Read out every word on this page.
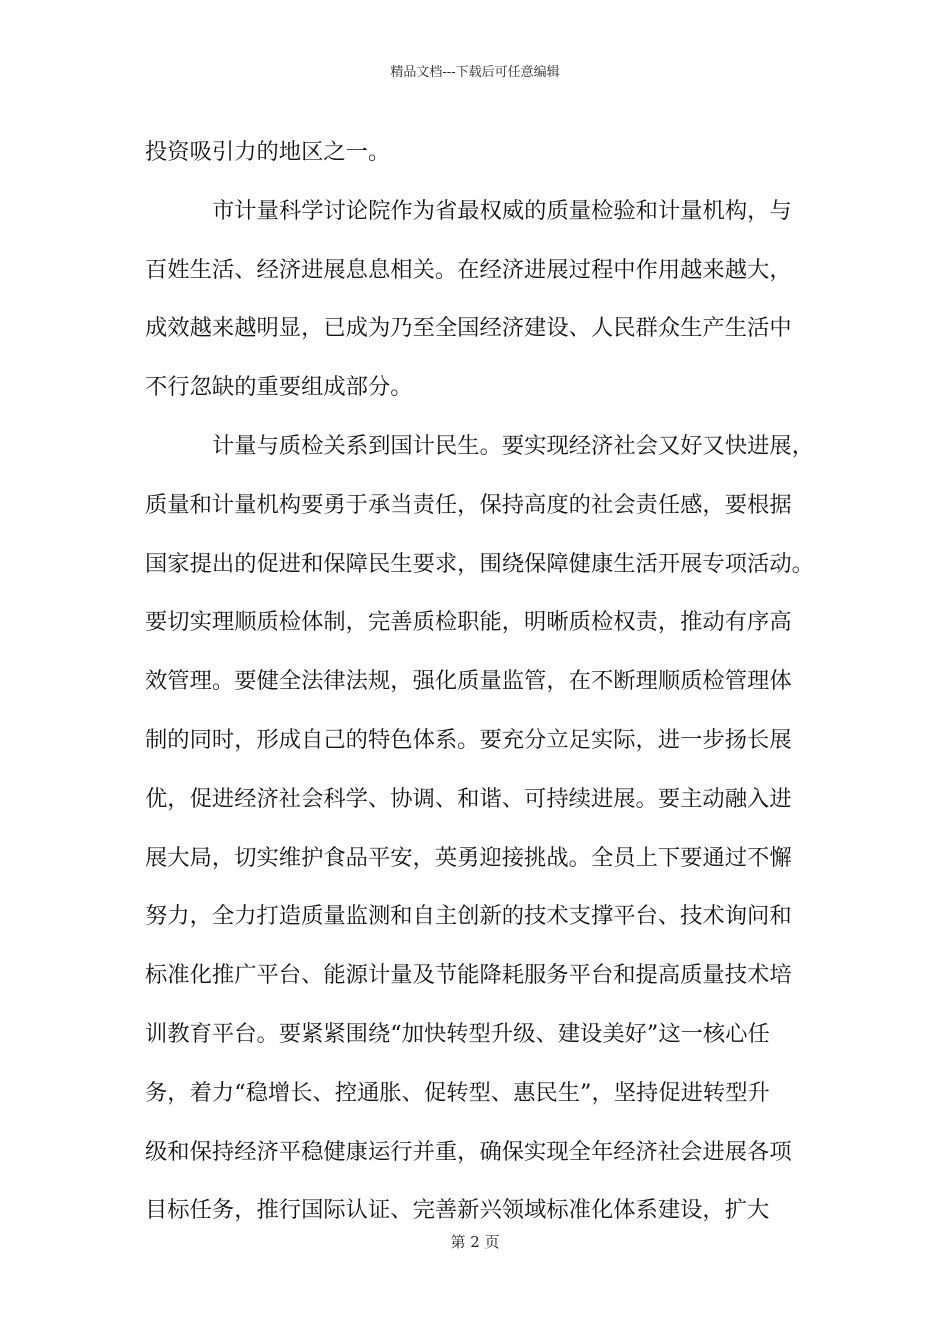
精品文档---下载后可任意编辑
投资吸引力的地区之一。
市计量科学讨论院作为省最权威的质量检验和计量机构，与
百姓生活、经济进展息息相关。在经济进展过程中作用越来越大，
成效越来越明显，已成为乃至全国经济建设、人民群众生产生活中
不行忽缺的重要组成部分。
计量与质检关系到国计民生。要实现经济社会又好又快进展，
质量和计量机构要勇于承当责任，保持高度的社会责任感，要根据
国家提出的促进和保障民生要求，围绕保障健康生活开展专项活动。
要切实理顺质检体制，完善质检职能，明晰质检权责，推动有序高
效管理。要健全法律法规，强化质量监管，在不断理顺质检管理体
制的同时，形成自己的特色体系。要充分立足实际，进一步扬长展
优，促进经济社会科学、协调、和谐、可持续进展。要主动融入进
展大局，切实维护食品平安，英勇迎接挑战。全员上下要通过不懈
努力，全力打造质量监测和自主创新的技术支撑平台、技术询问和
标准化推广平台、能源计量及节能降耗服务平台和提高质量技术培
训教育平台。要紧紧围绕“加快转型升级、建设美好”这一核心任
务，着力“稳增长、控通胀、促转型、惠民生”，坚持促进转型升
级和保持经济平稳健康运行并重，确保实现全年经济社会进展各项
目标任务，推行国际认证、完善新兴领域标准化体系建设，扩大
第 2 页
